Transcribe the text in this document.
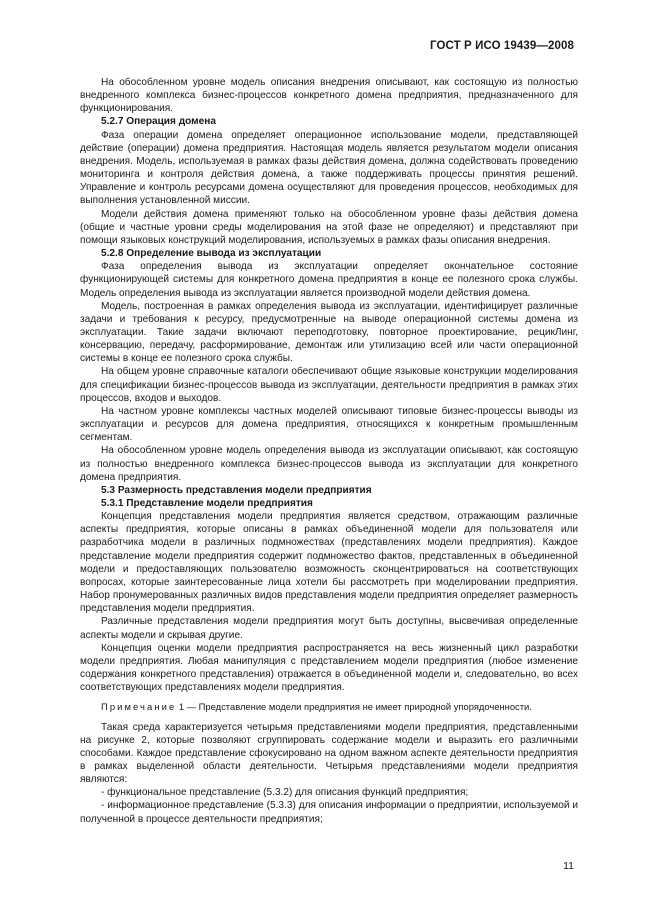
ГОСТ Р ИСО 19439—2008

На обособленном уровне модель описания внедрения описывают, как состоящую из полностью внедренного комплекса бизнес-процессов конкретного домена предприятия, предназначенного для функционирования.

5.2.7 Операция домена

Фаза операции домена определяет операционное использование модели, представляющей действие (операции) домена предприятия. Настоящая модель является результатом модели описания внедрения. Модель, используемая в рамках фазы действия домена, должна содействовать проведению мониторинга и контроля действия домена, а также поддерживать процессы принятия решений. Управление и контроль ресурсами домена осуществляют для проведения процессов, необходимых для выполнения установленной миссии.

Модели действия домена применяют только на обособленном уровне фазы действия домена (общие и частные уровни среды моделирования на этой фазе не определяют) и представляют при помощи языковых конструкций моделирования, используемых в рамках фазы описания внедрения.

5.2.8 Определение вывода из эксплуатации

Фаза определения вывода из эксплуатации определяет окончательное состояние функционирующей системы для конкретного домена предприятия в конце ее полезного срока службы. Модель определения вывода из эксплуатации является производной модели действия домена.

Модель, построенная в рамках определения вывода из эксплуатации, идентифицирует различные задачи и требования к ресурсу, предусмотренные на выводе операционной системы домена из эксплуатации. Такие задачи включают переподготовку, повторное проектирование, рецикЛинг, консервацию, передачу, расформирование, демонтаж или утилизацию всей или части операционной системы в конце ее полезного срока службы.

На общем уровне справочные каталоги обеспечивают общие языковые конструкции моделирования для спецификации бизнес-процессов вывода из эксплуатации, деятельности предприятия в рамках этих процессов, входов и выходов.

На частном уровне комплексы частных моделей описывают типовые бизнес-процессы выводы из эксплуатации и ресурсов для домена предприятия, относящихся к конкретным промышленным сегментам.

На обособленном уровне модель определения вывода из эксплуатации описывают, как состоящую из полностью внедренного комплекса бизнес-процессов вывода из эксплуатации для конкретного домена предприятия.

5.3 Размерность представления модели предприятия

5.3.1 Представление модели предприятия

Концепция представления модели предприятия является средством, отражающим различные аспекты предприятия, которые описаны в рамках объединенной модели для пользователя или разработчика модели в различных подмножествах (представлениях модели предприятия). Каждое представление модели предприятия содержит подмножество фактов, представленных в объединенной модели и предоставляющих пользователю возможность сконцентрироваться на соответствующих вопросах, которые заинтересованные лица хотели бы рассмотреть при моделировании предприятия. Набор пронумерованных различных видов представления модели предприятия определяет размерность представления модели предприятия.

Различные представления модели предприятия могут быть доступны, высвечивая определенные аспекты модели и скрывая другие.

Концепция оценки модели предприятия распространяется на весь жизненный цикл разработки модели предприятия. Любая манипуляция с представлением модели предприятия (любое изменение содержания конкретного представления) отражается в объединенной модели и, следовательно, во всех соответствующих представлениях модели предприятия.

Примечание 1 — Представление модели предприятия не имеет природной упорядоченности.

Такая среда характеризуется четырьмя представлениями модели предприятия, представленными на рисунке 2, которые позволяют сгруппировать содержание модели и выразить его различными способами. Каждое представление сфокусировано на одном важном аспекте деятельности предприятия в рамках выделенной области деятельности. Четырьмя представлениями модели предприятия являются:

- функциональное представление (5.3.2) для описания функций предприятия;

- информационное представление (5.3.3) для описания информации о предприятии, используемой и полученной в процессе деятельности предприятия;

11
